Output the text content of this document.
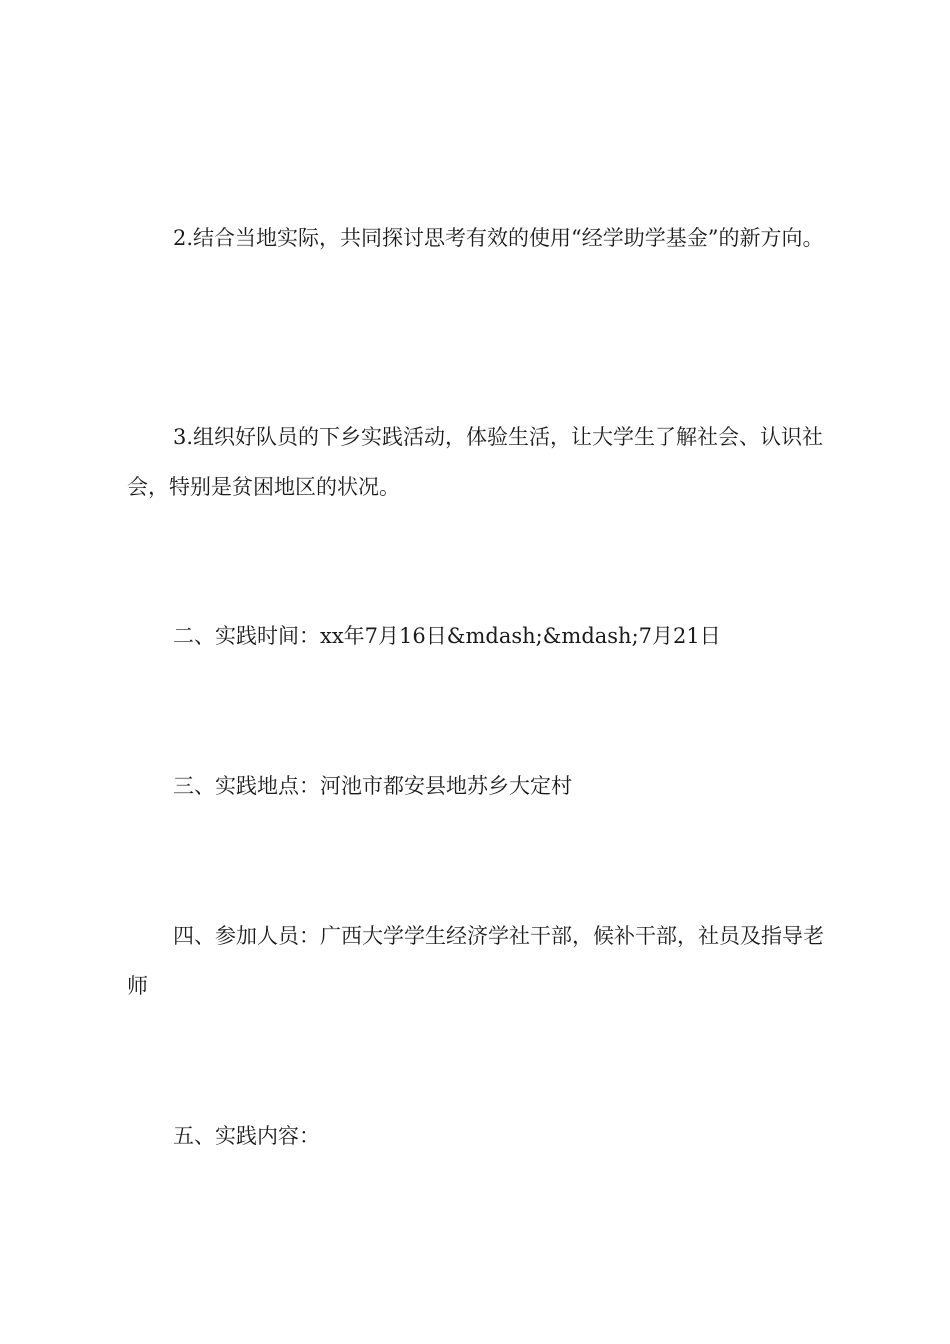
2.结合当地实际，共同探讨思考有效的使用“经学助学基金”的新方向。

3.组织好队员的下乡实践活动，体验生活，让大学生了解社会、认识社会，特别是贫困地区的状况。

二、实践时间：xx年7月16日&mdash;&mdash;7月21日

三、实践地点：河池市都安县地苏乡大定村

四、参加人员：广西大学学生经济学社干部，候补干部，社员及指导老师

五、实践内容：
